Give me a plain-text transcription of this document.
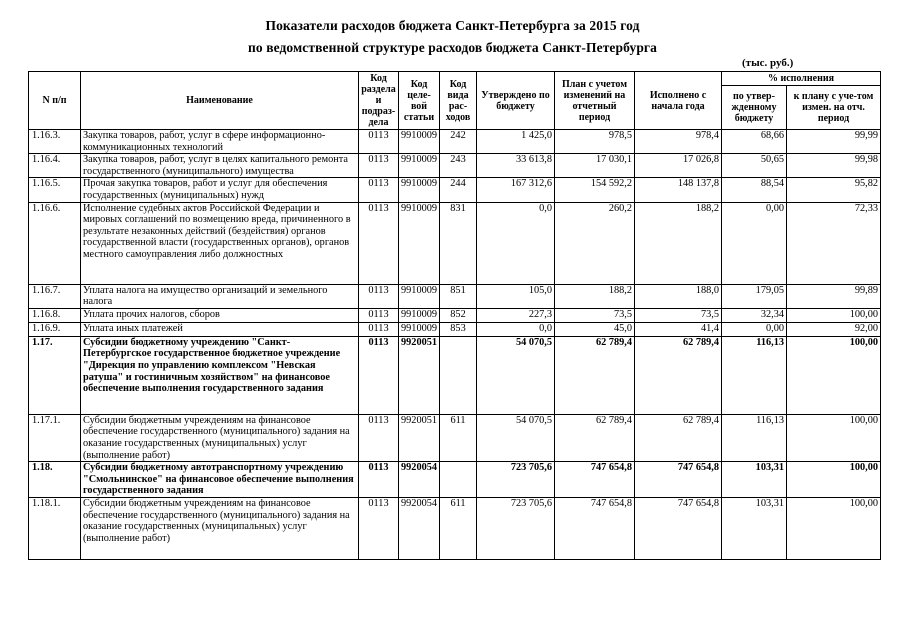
Показатели расходов бюджета Санкт-Петербурга за 2015 год
по ведомственной структуре расходов бюджета Санкт-Петербурга
(тыс. руб.)
N п/п	Наименование	Код раздела и подраз-дела	Код целе-вой статьи	Код вида рас-ходов	Утверждено по бюджету	План с учетом изменений на отчетный период	Исполнено с начала года	% исполнения	
								по утвер-жденному бюджету	к плану с уче-том измен. на отч. период
1.16.3.	Закупка товаров, работ, услуг в сфере информационно-коммуникационных технологий	0113	9910009	242	1 425,0	978,5	978,4	68,66	99,99
1.16.4.	Закупка товаров, работ, услуг в целях капитального ремонта государственного (муниципального) имущества	0113	9910009	243	33 613,8	17 030,1	17 026,8	50,65	99,98
1.16.5.	Прочая закупка товаров, работ и услуг для обеспечения государственных (муниципальных) нужд	0113	9910009	244	167 312,6	154 592,2	148 137,8	88,54	95,82
1.16.6.	Исполнение судебных актов Российской Федерации и мировых соглашений по возмещению вреда, причиненного в результате незаконных действий (бездействия) органов государственной власти (государственных органов), органов местного самоуправления либо должностных	0113	9910009	831	0,0	260,2	188,2	0,00	72,33
1.16.7.	Уплата налога на имущество организаций и земельного налога	0113	9910009	851	105,0	188,2	188,0	179,05	99,89
1.16.8.	Уплата прочих налогов, сборов	0113	9910009	852	227,3	73,5	73,5	32,34	100,00
1.16.9.	Уплата иных платежей	0113	9910009	853	0,0	45,0	41,4	0,00	92,00
1.17.	Субсидии бюджетному учреждению "Санкт-Петербургское государственное бюджетное учреждение "Дирекция по управлению комплексом "Невская ратуша" и гостиничным хозяйством" на финансовое обеспечение выполнения государственного задания	0113	9920051		54 070,5	62 789,4	62 789,4	116,13	100,00
1.17.1.	Субсидии бюджетным учреждениям на финансовое обеспечение государственного (муниципального) задания на оказание государственных (муниципальных) услуг (выполнение работ)	0113	9920051	611	54 070,5	62 789,4	62 789,4	116,13	100,00
1.18.	Субсидии бюджетному автотранспортному учреждению "Смольнинское" на финансовое обеспечение выполнения государственного задания	0113	9920054		723 705,6	747 654,8	747 654,8	103,31	100,00
1.18.1.	Субсидии бюджетным учреждениям на финансовое обеспечение государственного (муниципального) задания на оказание государственных (муниципальных) услуг (выполнение работ)	0113	9920054	611	723 705,6	747 654,8	747 654,8	103,31	100,00
